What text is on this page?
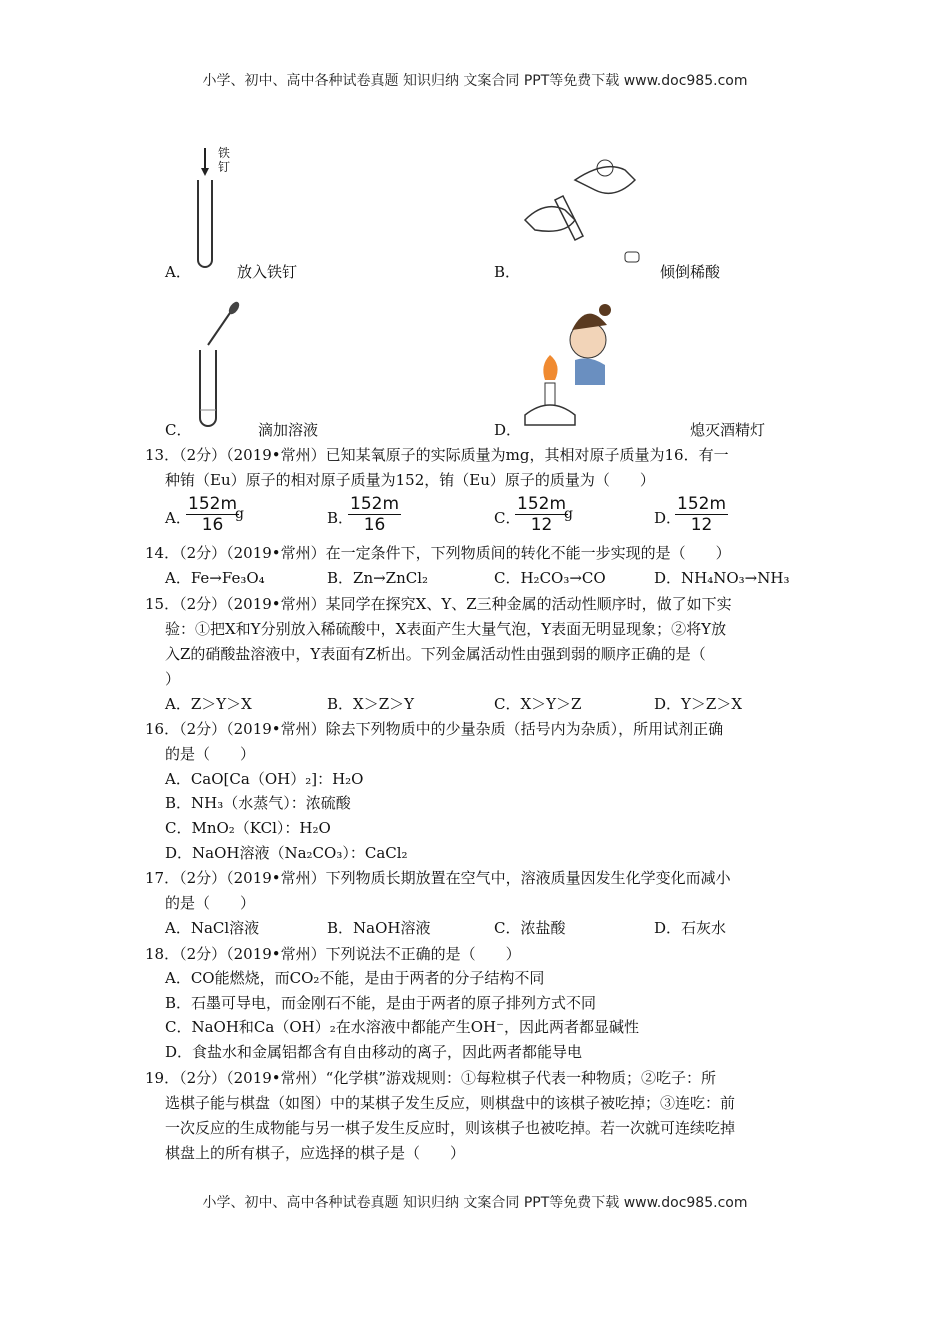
小学、初中、高中各种试卷真题 知识归纳 文案合同 PPT等免费下载 www.doc985.com
铁钉
A．	放入铁钉	B．	倾倒稀酸
C．	滴加溶液	D．	熄灭酒精灯
13．（2分）（2019•常州）已知某氧原子的实际质量为mg，其相对原子质量为16．有一
种铕（Eu）原子的相对原子质量为152，铕（Eu）原子的质量为（　　）
A．
$\frac{152m}{16}$
g	B．
$\frac{152m}{16}$	C．
$\frac{152m}{12}$
g	D．
$\frac{152m}{12}$
14．（2分）（2019•常州）在一定条件下，下列物质间的转化不能一步实现的是（　　）
A．Fe→Fe₃O₄	B．Zn→ZnCl₂	C．H₂CO₃→CO	D．NH₄NO₃→NH₃
15．（2分）（2019•常州）某同学在探究X、Y、Z三种金属的活动性顺序时，做了如下实
验：①把X和Y分别放入稀硫酸中，X表面产生大量气泡，Y表面无明显现象；②将Y放
入Z的硝酸盐溶液中，Y表面有Z析出。下列金属活动性由强到弱的顺序正确的是（
）
A．Z＞Y＞X	B．X＞Z＞Y	C．X＞Y＞Z	D．Y＞Z＞X
16．（2分）（2019•常州）除去下列物质中的少量杂质（括号内为杂质），所用试剂正确
的是（　　）
A．CaO[Ca（OH）₂]：H₂O
B．NH₃（水蒸气）：浓硫酸
C．MnO₂（KCl）：H₂O
D．NaOH溶液（Na₂CO₃）：CaCl₂
17．（2分）（2019•常州）下列物质长期放置在空气中，溶液质量因发生化学变化而减小
的是（　　）
A．NaCl溶液	B．NaOH溶液	C．浓盐酸	D．石灰水
18．（2分）（2019•常州）下列说法不正确的是（　　）
A．CO能燃烧，而CO₂不能，是由于两者的分子结构不同
B．石墨可导电，而金刚石不能，是由于两者的原子排列方式不同
C．NaOH和Ca（OH）₂在水溶液中都能产生OH⁻，因此两者都显碱性
D．食盐水和金属铝都含有自由移动的离子，因此两者都能导电
19．（2分）（2019•常州）“化学棋”游戏规则：①每粒棋子代表一种物质；②吃子：所
选棋子能与棋盘（如图）中的某棋子发生反应，则棋盘中的该棋子被吃掉；③连吃：前
一次反应的生成物能与另一棋子发生反应时，则该棋子也被吃掉。若一次就可连续吃掉
棋盘上的所有棋子，应选择的棋子是（　　）
小学、初中、高中各种试卷真题 知识归纳 文案合同 PPT等免费下载 www.doc985.com
